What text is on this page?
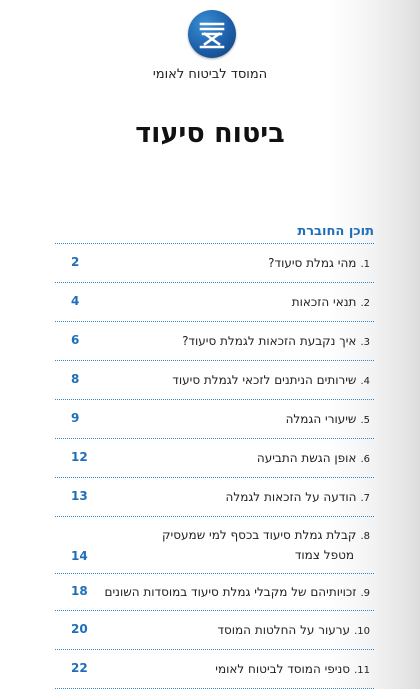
המוסד לביטוח לאומי
ביטוח סיעוד
תוכן החוברת
1.מהי גמלת סיעוד?
2
2.תנאי הזכאות
4
3.איך נקבעת הזכאות לגמלת סיעוד?
6
4.שירותים הניתנים לזכאי לגמלת סיעוד
8
5.שיעורי הגמלה
9
6.אופן הגשת התביעה
12
7.הודעה על הזכאות לגמלה
13
8.קבלת גמלת סיעוד בכסף למי שמעסיק
מטפל צמוד
14
9.זכויותיהם של מקבלי גמלת סיעוד במוסדות השונים
18
10.ערעור על החלטות המוסד
20
11.סניפי המוסד לביטוח לאומי
22
